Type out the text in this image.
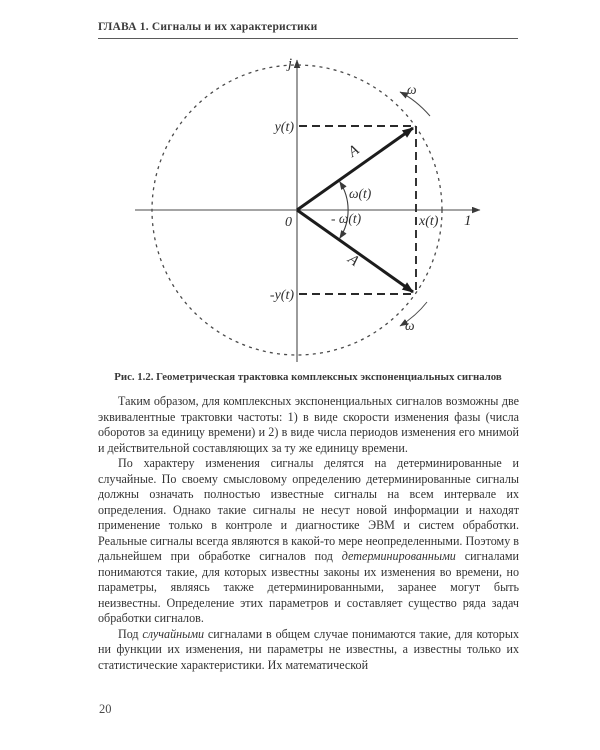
ГЛАВА 1. Сигналы и их характеристики
j
1
0
y(t)
x(t)
-y(t)
A
A
ω(t)
- ω(t)
ω
ω
Рис. 1.2. Геометрическая трактовка комплексных экспоненциальных сигналов

Таким образом, для комплексных экспоненциальных сигналов возможны две эквивалентные трактовки частоты: 1) в виде скорости изменения фазы (числа оборотов за единицу времени) и 2) в виде числа периодов изменения его мнимой и действительной составляющих за ту же единицу времени.

По характеру изменения сигналы делятся на детерминированные и случайные. По своему смысловому определению детерминированные сигналы должны означать полностью известные сигналы на всем интервале их определения. Однако такие сигналы не несут новой информации и находят применение только в контроле и диагностике ЭВМ и систем обработки. Реальные сигналы всегда являются в какой-то мере неопределенными. Поэтому в дальнейшем при обработке сигналов под детерминированными сигналами понимаются такие, для которых известны законы их изменения во времени, но параметры, являясь также детерминированными, заранее могут быть неизвестны. Определение этих параметров и составляет существо ряда задач обработки сигналов.

Под случайными сигналами в общем случае понимаются такие, для которых ни функции их изменения, ни параметры не известны, а известны только их статистические характеристики. Их математической

20
